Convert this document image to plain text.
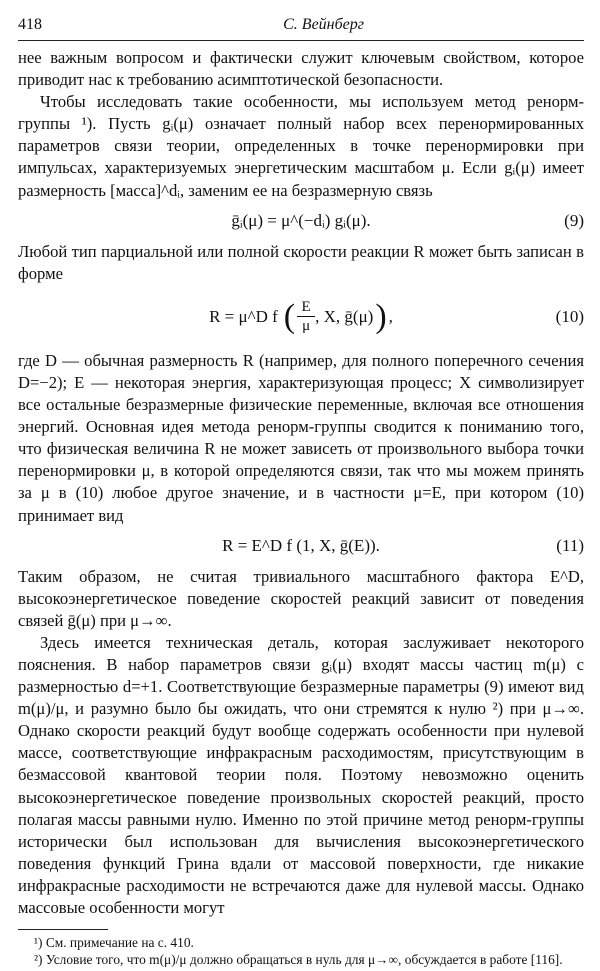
418	С. Вейнберг

нее важным вопросом и фактически служит ключевым свойством, которое приводит нас к требованию асимптотической безопасности.

Чтобы исследовать такие особенности, мы используем метод ренорм-группы ¹). Пусть gᵢ(μ) означает полный набор всех перенормированных параметров связи теории, определенных в точке перенормировки при импульсах, характеризуемых энергетическим масштабом μ. Если gᵢ(μ) имеет размерность [масса]^dᵢ, заменим ее на безразмерную связь

ḡᵢ(μ) = μ^(−dᵢ) gᵢ(μ).	(9)

Любой тип парциальной или полной скорости реакции R может быть записан в форме

R = μ^D f ( E
μ
, X, ḡ(μ) ) ,	(10)

где D — обычная размерность R (например, для полного поперечного сечения D=−2); E — некоторая энергия, характеризующая процесс; X символизирует все остальные безразмерные физические переменные, включая все отношения энергий. Основная идея метода ренорм-группы сводится к пониманию того, что физическая величина R не может зависеть от произвольного выбора точки перенормировки μ, в которой определяются связи, так что мы можем принять за μ в (10) любое другое значение, и в частности μ=E, при котором (10) принимает вид

R = E^D f (1, X, ḡ(E)).	(11)

Таким образом, не считая тривиального масштабного фактора E^D, высокоэнергетическое поведение скоростей реакций зависит от поведения связей ḡ(μ) при μ→∞.

Здесь имеется техническая деталь, которая заслуживает некоторого пояснения. В набор параметров связи gᵢ(μ) входят массы частиц m(μ) с размерностью d=+1. Соответствующие безразмерные параметры (9) имеют вид m(μ)/μ, и разумно было бы ожидать, что они стремятся к нулю ²) при μ→∞. Однако скорости реакций будут вообще содержать особенности при нулевой массе, соответствующие инфракрасным расходимостям, присутствующим в безмассовой квантовой теории поля. Поэтому невозможно оценить высокоэнергетическое поведение произвольных скоростей реакций, просто полагая массы равными нулю. Именно по этой причине метод ренорм-группы исторически был использован для вычисления высокоэнергетического поведения функций Грина вдали от массовой поверхности, где никакие инфракрасные расходимости не встречаются даже для нулевой массы. Однако массовые особенности могут

¹) См. примечание на с. 410.

²) Условие того, что m(μ)/μ должно обращаться в нуль для μ→∞, обсуждается в работе [116].
